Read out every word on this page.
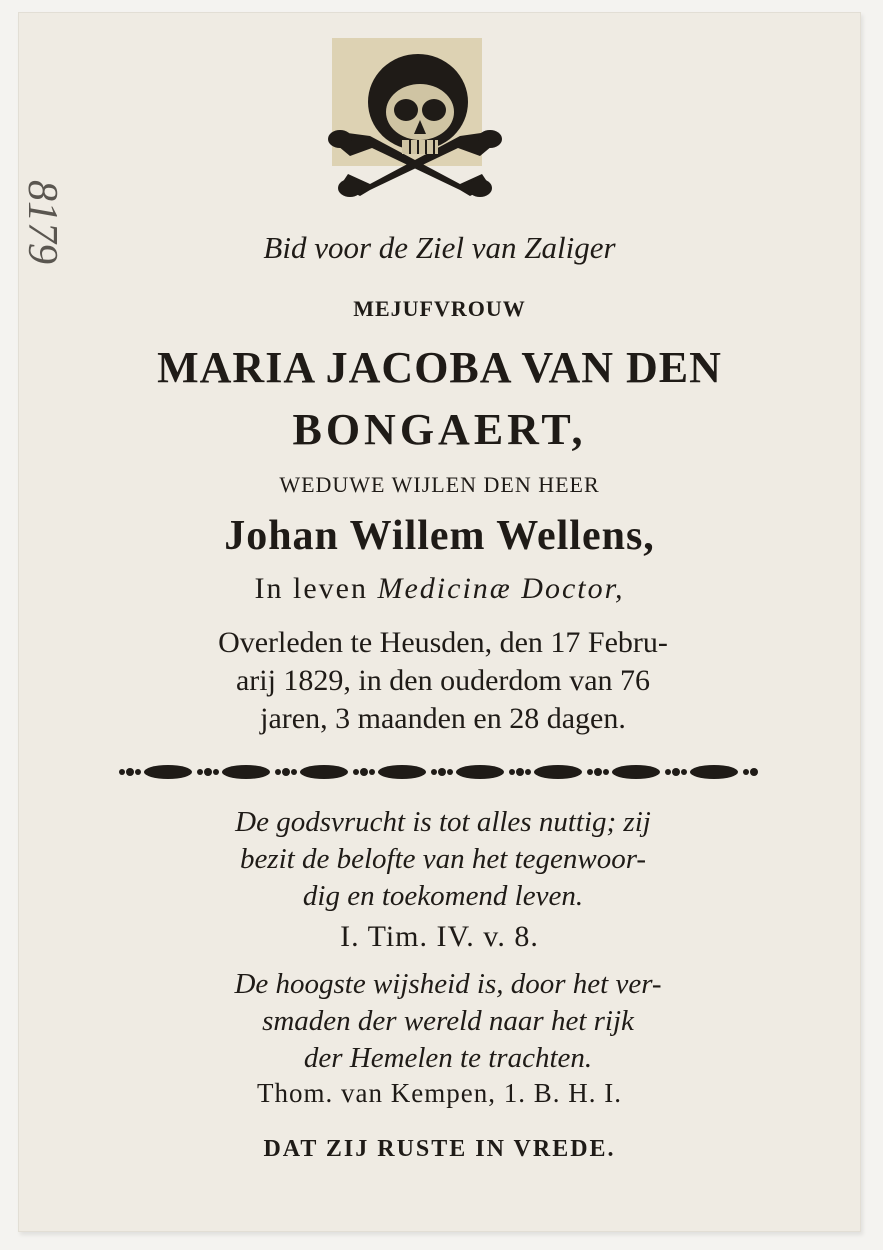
8179	Bid voor de Ziel van Zaliger
MEJUFVROUW
MARIA JACOBA VAN DEN
BONGAERT,
WEDUWE WIJLEN DEN HEER
Johan Willem Wellens,
In leven Medicinæ Doctor,
Overleden te Heusden, den 17 Febru-
arij 1829, in den ouderdom van 76
jaren, 3 maanden en 28 dagen.
De godsvrucht is tot alles nuttig; zij
bezit de belofte van het tegenwoor-
dig en toekomend leven.
I. Tim. IV. v. 8.
De hoogste wijsheid is, door het ver-
smaden der wereld naar het rijk
der Hemelen te trachten.
Thom. van Kempen, 1. B. H. I.
DAT ZIJ RUSTE IN VREDE.
